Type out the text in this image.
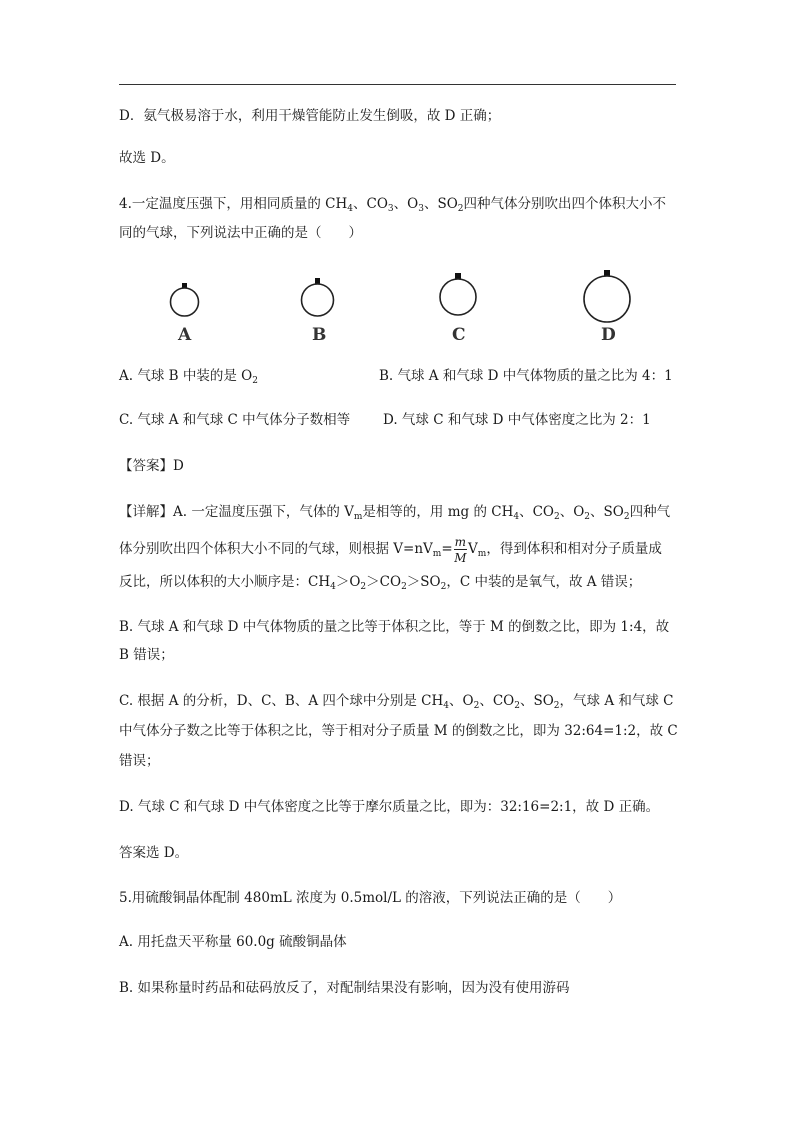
D．氨气极易溶于水，利用干燥管能防止发生倒吸，故 D 正确；
故选 D。
4.一定温度压强下，用相同质量的 $CH_4$、$CO_3$、$O_3$、$SO_2$四种气体分别吹出四个体积大小不
同的气球，下列说法中正确的是（　　）
A	B	C	D
A. 气球 B 中装的是 $O_2$	B. 气球 A 和气球 D 中气体物质的量之比为 4：1
C. 气球 A 和气球 C 中气体分子数相等 D. 气球 C 和气球 D 中气体密度之比为 2：1
【答案】D
【详解】A. 一定温度压强下，气体的 $V_m$是相等的，用 mg 的 $CH_4$、$CO_2$、$O_2$、$SO_2$四种气
体分别吹出四个体积大小不同的气球，则根据 $V=nV_m= \frac{m}{M} V_m$，得到体积和相对分子质量成
反比，所以体积的大小顺序是：$CH_4>O_2>CO_2>SO_2$，C 中装的是氧气，故 A 错误；
B. 气球 A 和气球 D 中气体物质的量之比等于体积之比，等于 M 的倒数之比，即为 1:4，故
B 错误；
C. 根据 A 的分析，D、C、B、A 四个球中分别是 $CH_4$、$O_2$、$CO_2$、$SO_2$，气球 A 和气球 C
中气体分子数之比等于体积之比，等于相对分子质量 M 的倒数之比，即为 32:64=1:2，故 C
错误；
D. 气球 C 和气球 D 中气体密度之比等于摩尔质量之比，即为：32:16=2:1，故 D 正确。
答案选 D。
5.用硫酸铜晶体配制 480mL 浓度为 0.5mol/L 的溶液，下列说法正确的是（　　）
A. 用托盘天平称量 60.0g 硫酸铜晶体
B. 如果称量时药品和砝码放反了，对配制结果没有影响，因为没有使用游码
